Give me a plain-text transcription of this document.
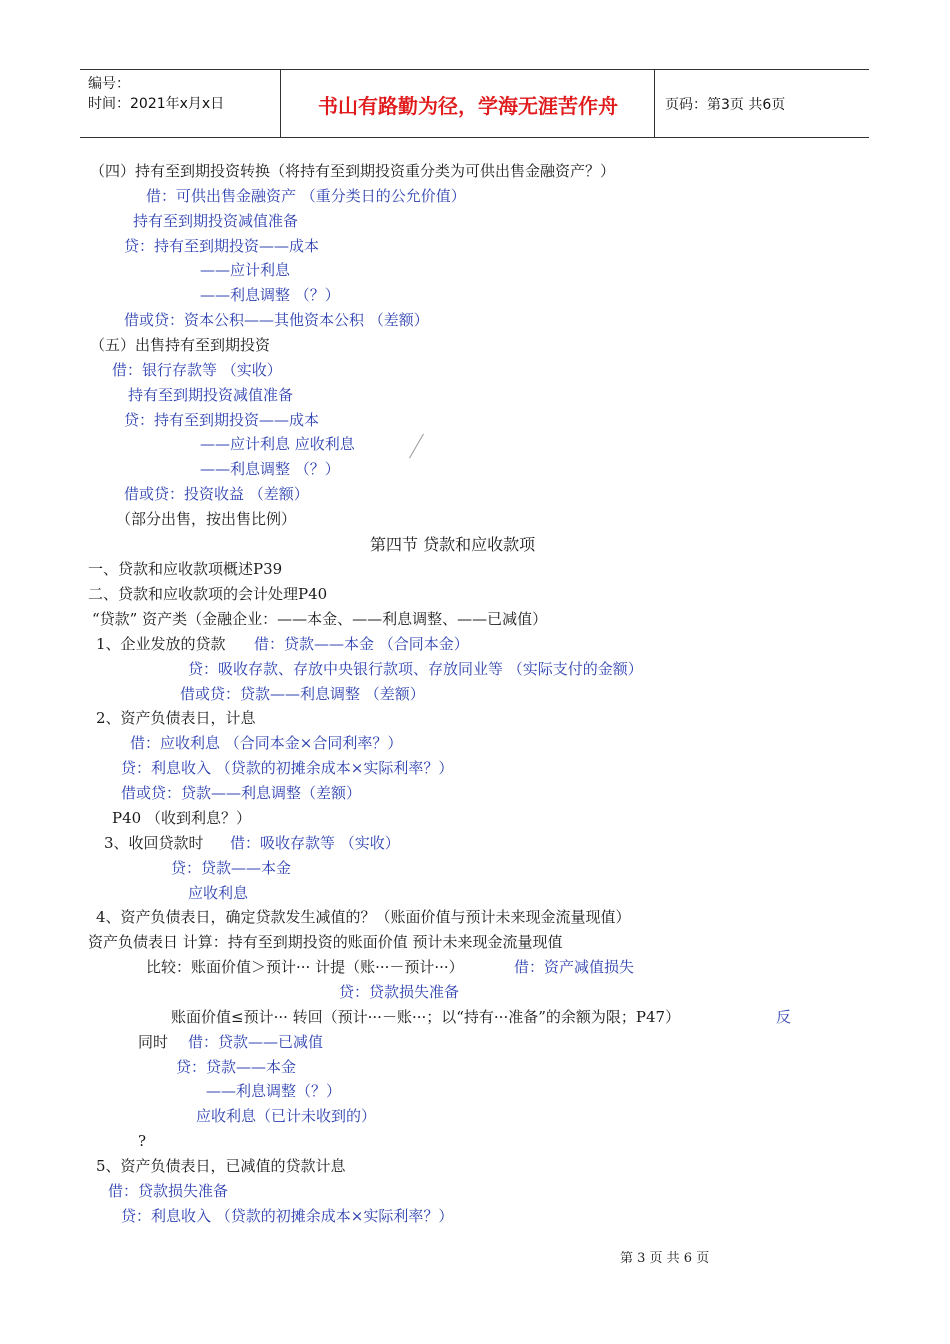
编号：
时间：2021年x月x日	书山有路勤为径，学海无涯苦作舟	页码：第3页 共6页
（四）持有至到期投资转换（将持有至到期投资重分类为可供出售金融资产？）
借：可供出售金融资产 （重分类日的公允价值）
持有至到期投资减值准备
贷：持有至到期投资——成本
——应计利息
——利息调整 （？）
借或贷：资本公积——其他资本公积 （差额）
（五）出售持有至到期投资
借：银行存款等 （实收）
持有至到期投资减值准备
贷：持有至到期投资——成本
——应计利息 应收利息
——利息调整 （？）
借或贷：投资收益 （差额）
（部分出售，按出售比例）
第四节 贷款和应收款项
一、贷款和应收款项概述P39
二、贷款和应收款项的会计处理P40
“贷款” 资产类（金融企业：——本金、——利息调整、——已减值）
1、企业发放的贷款 借：贷款——本金 （合同本金）
贷：吸收存款、存放中央银行款项、存放同业等 （实际支付的金额）
借或贷：贷款——利息调整 （差额）
2、资产负债表日，计息
借：应收利息 （合同本金×合同利率？）
贷：利息收入 （贷款的初摊余成本×实际利率？）
借或贷：贷款——利息调整（差额）
P40 （收到利息？）
3、收回贷款时 借：吸收存款等 （实收）
贷：贷款——本金
应收利息
4、资产负债表日，确定贷款发生减值的？（账面价值与预计未来现金流量现值）
资产负债表日 计算：持有至到期投资的账面价值 预计未来现金流量现值
比较：账面价值＞预计··· 计提（账···－预计···）	借：资产减值损失
贷：贷款损失准备
账面价值≤预计··· 转回（预计···－账···；以“持有···准备”的余额为限；P47）	反
同时 借：贷款——已减值
贷：贷款——本金
——利息调整（？）
应收利息（已计未收到的）
?
5、资产负债表日，已减值的贷款计息
借：贷款损失准备
贷：利息收入 （贷款的初摊余成本×实际利率？）
第 3 页 共 6 页
